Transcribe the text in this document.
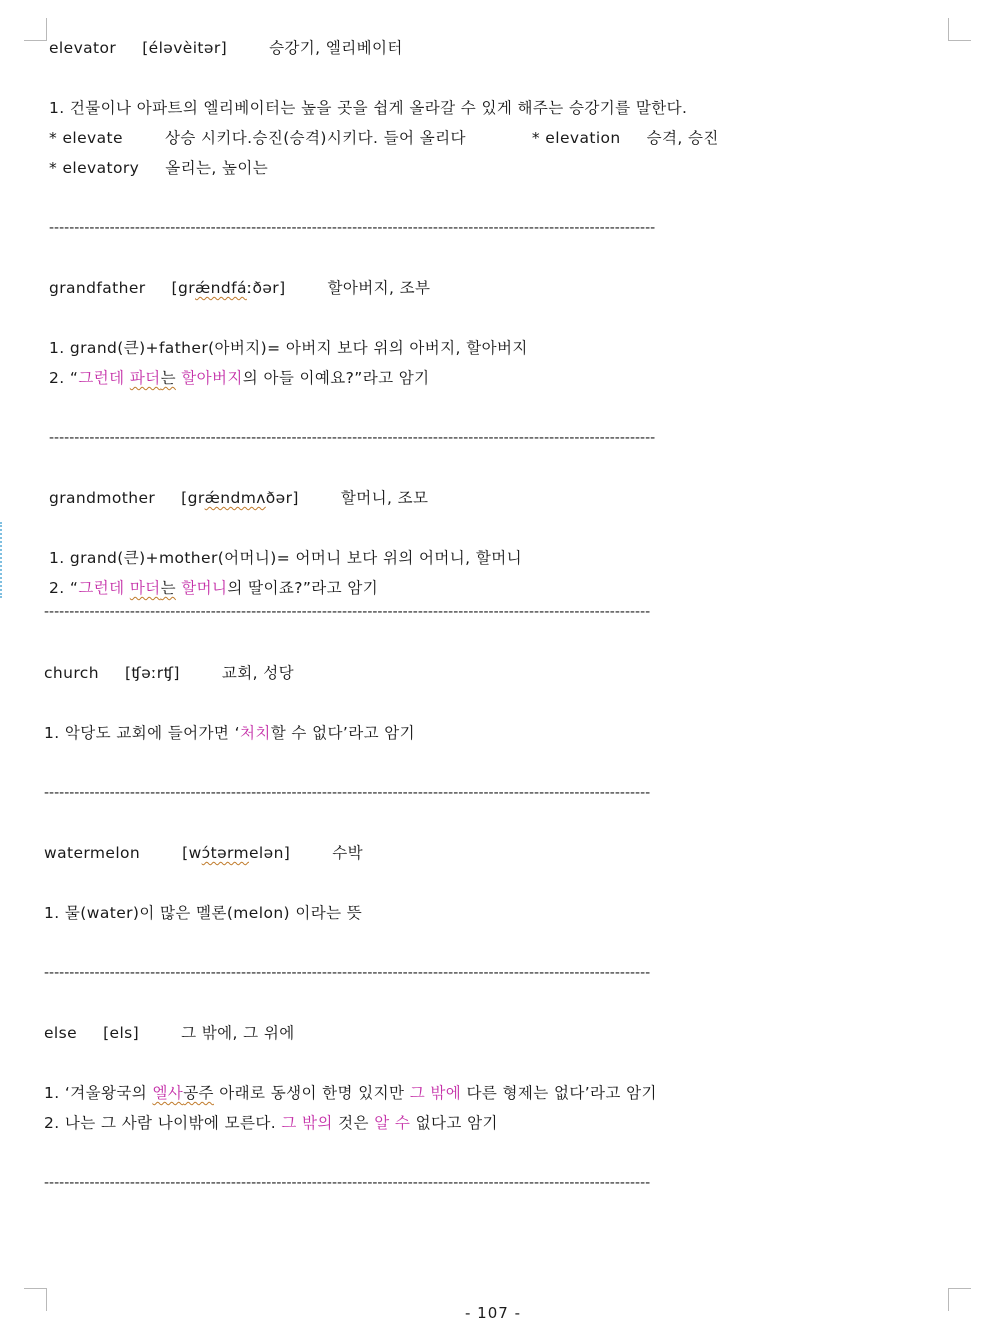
elevator [éləvèitər]	승강기, 엘리베이터
1. 건물이나 아파트의 엘리베이터는 높을 곳을 쉽게 올라갈 수 있게 해주는 승강기를 말한다.
* elevate	상승 시키다.승진(승격)시키다. 들어 올리다	* elevation 승격, 승진
* elevatory 올리는, 높이는
------------------------------------------------------------------------------------------------------------------------
grandfather [grǽndfáːðər]	할아버지, 조부
1. grand(큰)+father(아버지)= 아버지 보다 위의 아버지, 할아버지
2. “그런데 파더는 할아버지의 아들 이예요?”라고 암기
------------------------------------------------------------------------------------------------------------------------
grandmother [grǽndmʌðər]	할머니, 조모
1. grand(큰)+mother(어머니)= 어머니 보다 위의 어머니, 할머니
2. “그런데 마더는 할머니의 딸이죠?”라고 암기
------------------------------------------------------------------------------------------------------------------------
church [ʧəːrʧ]	교회, 성당
1. 악당도 교회에 들어가면 ‘처치할 수 없다’라고 암기
------------------------------------------------------------------------------------------------------------------------
watermelon	[wɔ́tərmelən]	수박
1. 물(water)이 많은 멜론(melon) 이라는 뜻
------------------------------------------------------------------------------------------------------------------------
else [els]	그 밖에, 그 위에
1. ‘겨울왕국의 엘사공주 아래로 동생이 한명 있지만 그 밖에 다른 형제는 없다’라고 암기
2. 나는 그 사람 나이밖에 모른다. 그 밖의 것은 알 수 없다고 암기
------------------------------------------------------------------------------------------------------------------------
- 107 -
